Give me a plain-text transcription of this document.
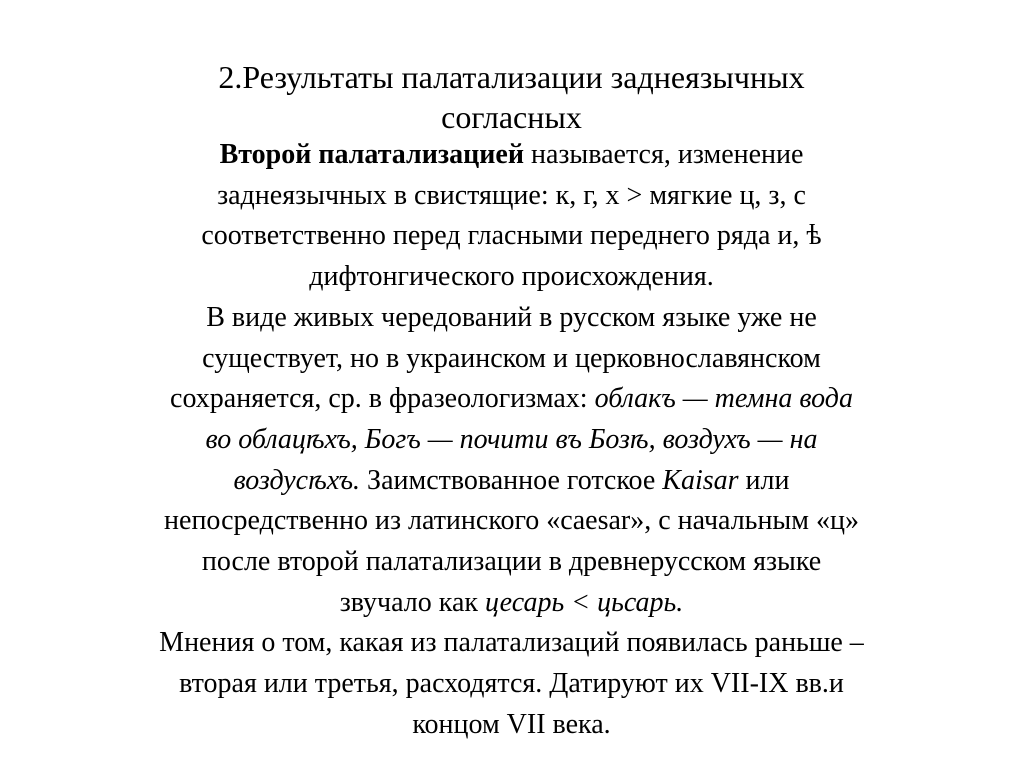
2.Результаты палатализации заднеязычных
согласных

Второй палатализацией называется, изменение
заднеязычных в свистящие: к, г, х > мягкие ц, з, с
соответственно перед гласными переднего ряда и, ѣ
дифтонгического происхождения.

В виде живых чередований в русском языке уже не
существует, но в украинском и церковнославянском
сохраняется, ср. в фразеологизмах: облакъ — темна вода
во облацѣхъ, Богъ — почити въ Бозѣ, воздухъ — на
воздусѣхъ. Заимствованное готское Kaisar или
непосредственно из латинского «caesar», с начальным «ц»
после второй палатализации в древнерусском языке
звучало как цесарь < цьсарь.

Мнения о том, какая из палатализаций появилась раньше –
вторая или третья, расходятся. Датируют их VII-IX вв.и
концом VII века.
